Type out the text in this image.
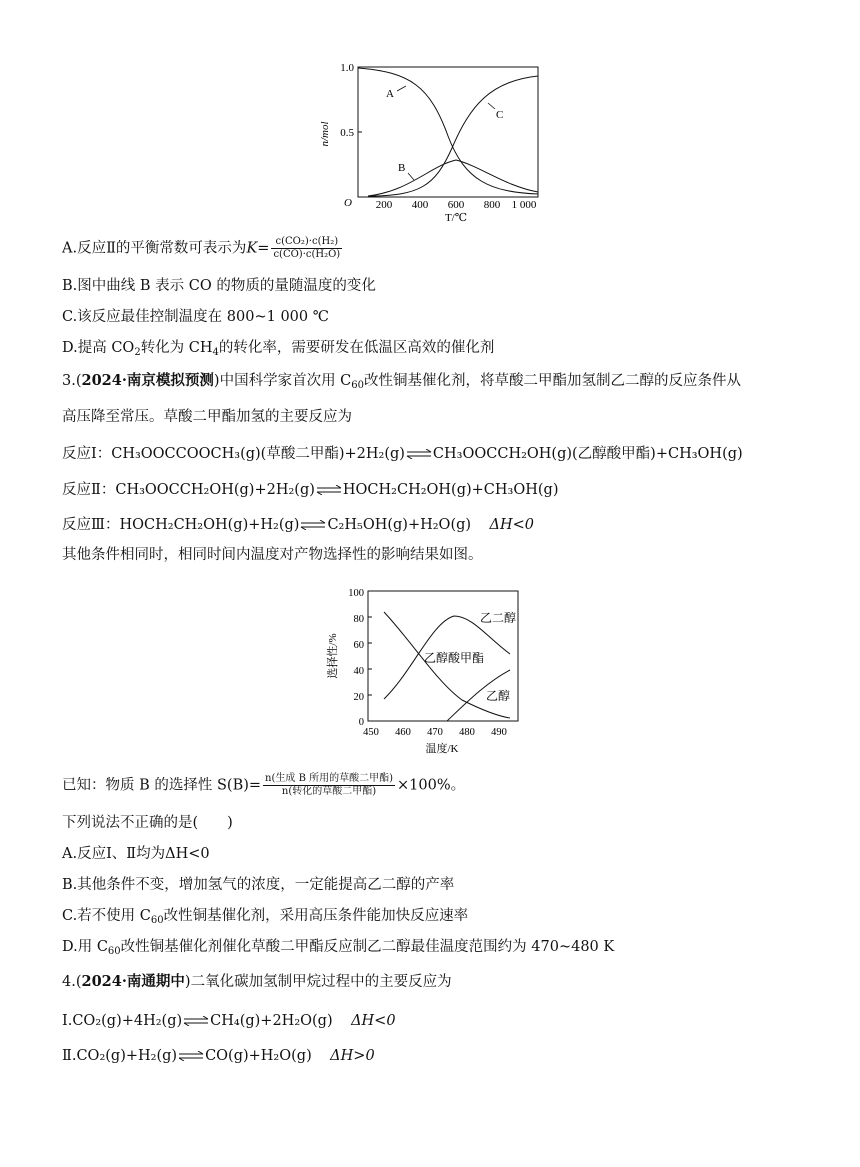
1.0
0.5
n/mol
O 200 400 600 800 1 000
T/℃
A
C
B
A.反应Ⅱ的平衡常数可表示为$K= \frac{\text{c(CO₂)·c(H₂)}}{\text{c(CO)·c(H₂O)}}$
B.图中曲线 B 表示 CO 的物质的量随温度的变化
C.该反应最佳控制温度在 800~1 000 ℃
D.提高 $CO_2$转化为 $CH_4$的转化率，需要研发在低温区高效的催化剂
3.(2024·南京模拟预测)中国科学家首次用 $C_{60}$改性铜基催化剂，将草酸二甲酯加氢制乙二醇的反应条件从
高压降至常压。草酸二甲酯加氢的主要反应为
反应Ⅰ：CH₃OOCCOOCH₃(g)(草酸二甲酯)+2H₂(g) CH₃OOCCH₂OH(g)(乙醇酸甲酯)+CH₃OH(g)
反应Ⅱ：CH₃OOCCH₂OH(g)+2H₂(g) HOCH₂CH₂OH(g)+CH₃OH(g)
反应Ⅲ：HOCH₂CH₂OH(g)+H₂(g) C₂H₅OH(g)+H₂O(g) ΔH<0
其他条件相同时，相同时间内温度对产物选择性的影响结果如图。
100
80
60
40
20
0
选择性/%
450 460 470 480 490
温度/K
乙二醇
乙醇酸甲酯
乙醇
已知：物质 B 的选择性 $S(B)= \frac{\text{n(生成 B 所用的草酸二甲酯)}}{\text{n(转化的草酸二甲酯)}} \times 100\%$。
下列说法不正确的是(　　)
A.反应Ⅰ、Ⅱ均为ΔH<0
B.其他条件不变，增加氢气的浓度，一定能提高乙二醇的产率
C.若不使用 $C_{60}$改性铜基催化剂，采用高压条件能加快反应速率
D.用 $C_{60}$改性铜基催化剂催化草酸二甲酯反应制乙二醇最佳温度范围约为 470~480 K
4.(2024·南通期中)二氧化碳加氢制甲烷过程中的主要反应为
Ⅰ.CO₂(g)+4H₂(g) CH₄(g)+2H₂O(g) ΔH<0
Ⅱ.CO₂(g)+H₂(g) CO(g)+H₂O(g) ΔH>0
